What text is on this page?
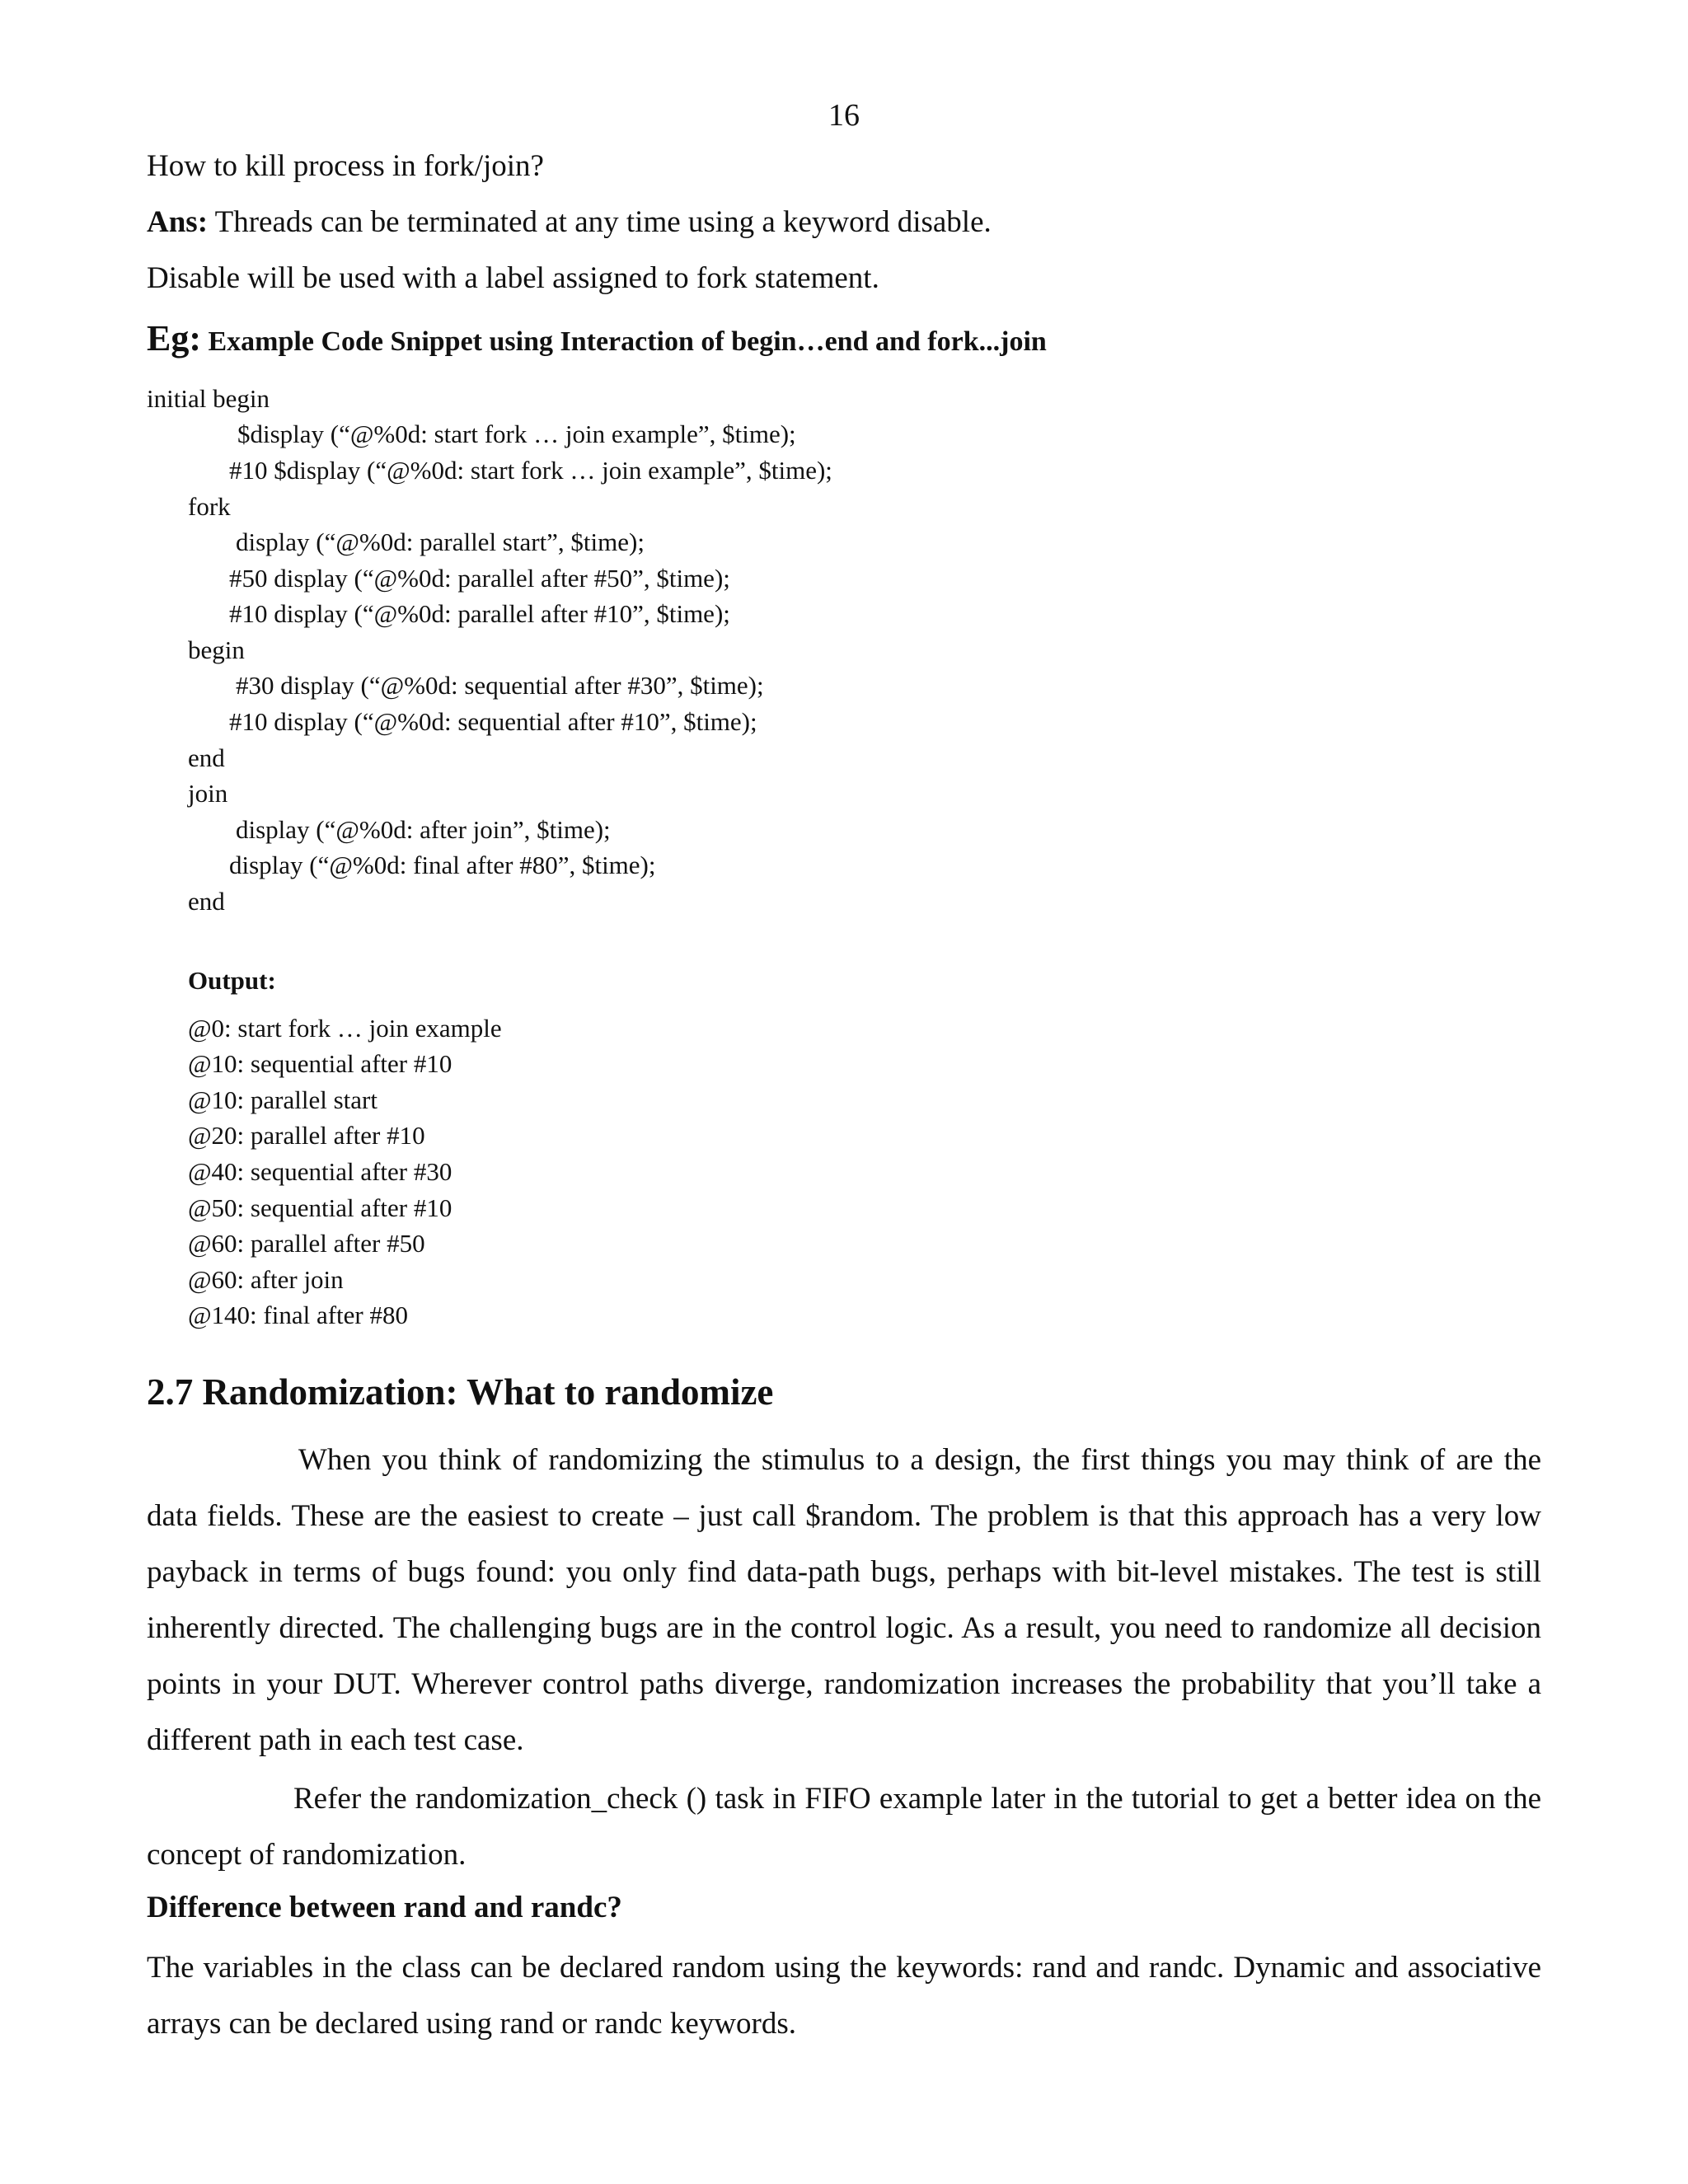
16
How to kill process in fork/join?
Ans: Threads can be terminated at any time using a keyword disable.
Disable will be used with a label assigned to fork statement.
Eg: Example Code Snippet using Interaction of begin…end and fork...join
initial begin
$display (“@%0d: start fork … join example”, $time);
#10 $display (“@%0d: start fork … join example”, $time);
fork
display (“@%0d: parallel start”, $time);
#50 display (“@%0d: parallel after #50”, $time);
#10 display (“@%0d: parallel after #10”, $time);
begin
#30 display (“@%0d: sequential after #30”, $time);
#10 display (“@%0d: sequential after #10”, $time);
end
join
display (“@%0d: after join”, $time);
display (“@%0d: final after #80”, $time);
end
Output:
@0: start fork … join example
@10: sequential after #10
@10: parallel start
@20: parallel after #10
@40: sequential after #30
@50: sequential after #10
@60: parallel after #50
@60: after join
@140: final after #80
2.7 Randomization: What to randomize
When you think of randomizing the stimulus to a design, the first things you may think of are the data fields. These are the easiest to create – just call $random. The problem is that this approach has a very low payback in terms of bugs found: you only find data-path bugs, perhaps with bit-level mistakes. The test is still inherently directed. The challenging bugs are in the control logic. As a result, you need to randomize all decision points in your DUT. Wherever control paths diverge, randomization increases the probability that you’ll take a different path in each test case.
Refer the randomization_check () task in FIFO example later in the tutorial to get a better idea on the concept of randomization.
Difference between rand and randc?
The variables in the class can be declared random using the keywords: rand and randc. Dynamic and associative arrays can be declared using rand or randc keywords.
